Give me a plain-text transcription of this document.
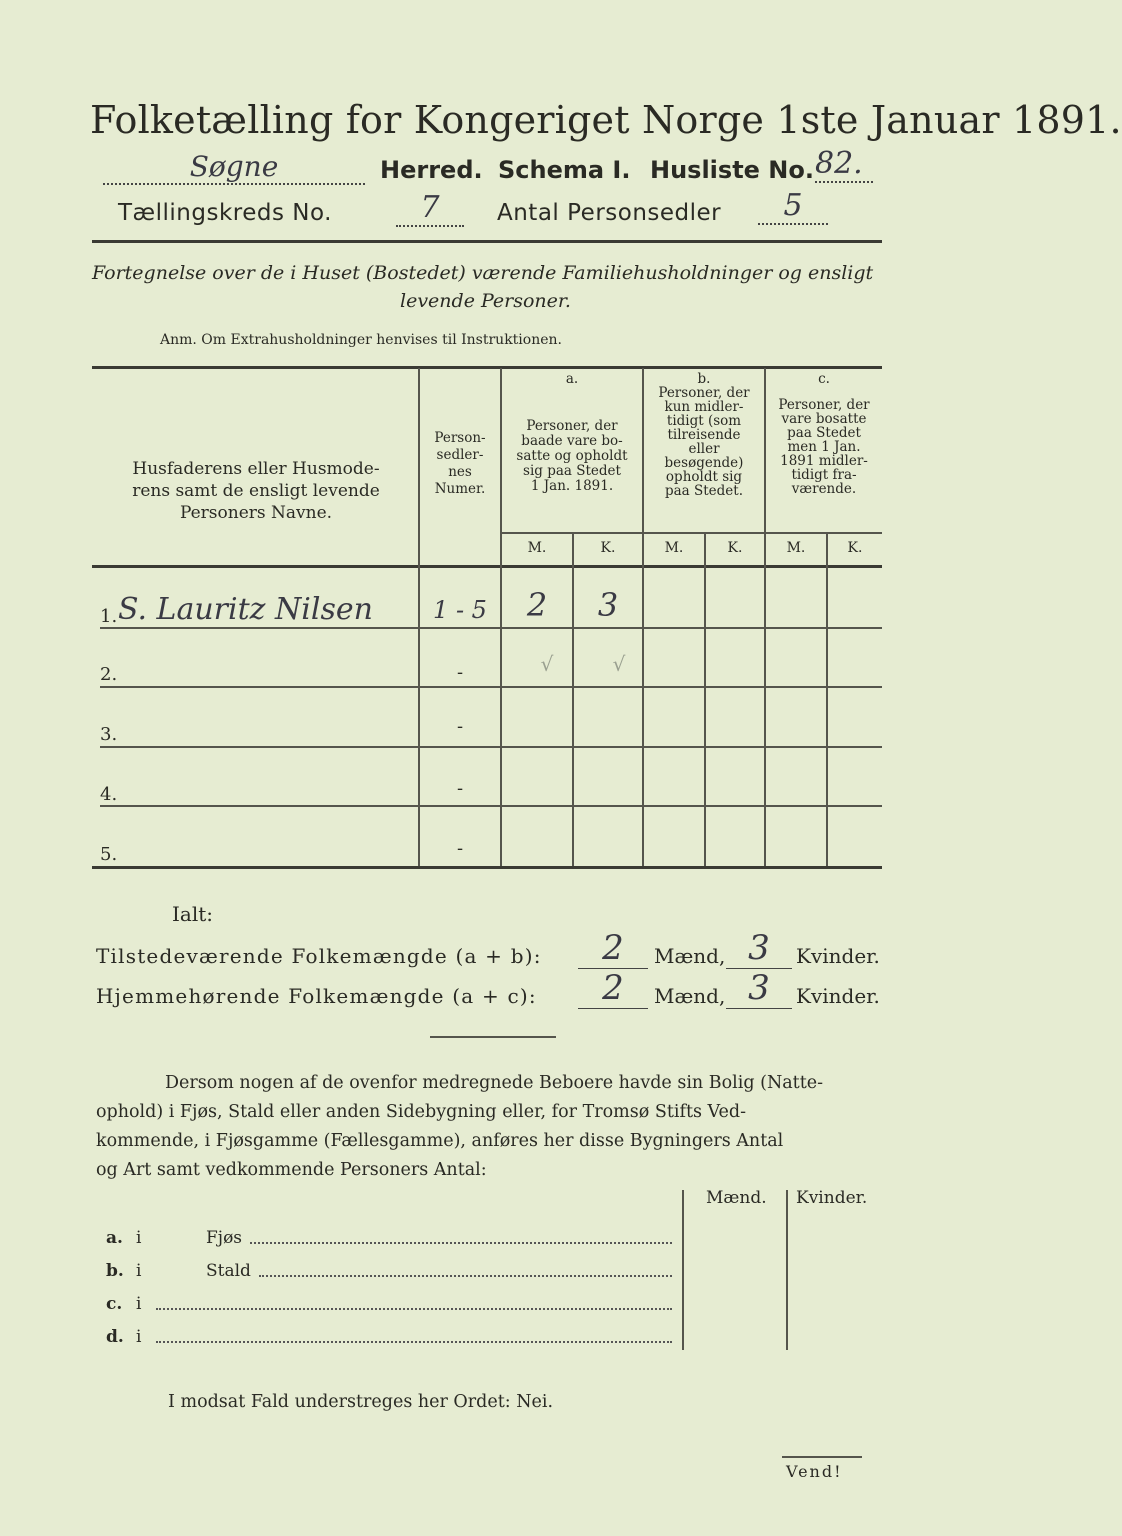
Folketælling for Kongeriget Norge 1ste Januar 1891.
Søgne	Herred. Schema I. Husliste No. 82.
Tællingskreds No.	7	Antal Personsedler	5
Fortegnelse over de i Huset (Bostedet) værende Familiehusholdninger og ensligt
levende Personer.
Anm. Om Extrahusholdninger henvises til Instruktionen.
Husfaderens eller Husmode-
rens samt de ensligt levende
Personers Navne.
Person-
sedler-
nes
Numer.
a.
Personer, der
baade vare bo-
satte og opholdt
sig paa Stedet
1 Jan. 1891.
b.
Personer, der
kun midler-
tidigt (som
tilreisende
eller
besøgende)
opholdt sig
paa Stedet.
c.
Personer, der
vare bosatte
paa Stedet
men 1 Jan.
1891 midler-
tidigt fra-
værende.
M.	K.	M.	K.	M.	K.
1. S. Lauritz Nilsen	1 - 5	2	3
2.	-	√	√
3.	-
4.	-
5.	-
Ialt:
Tilstedeværende Folkemængde (a + b):	2	Mænd, 3	Kvinder.
Hjemmehørende Folkemængde (a + c):	2	Mænd, 3	Kvinder.
Dersom nogen af de ovenfor medregnede Beboere havde sin Bolig (Natte-
ophold) i Fjøs, Stald eller anden Sidebygning eller, for Tromsø Stifts Ved-
kommende, i Fjøsgamme (Fællesgamme), anføres her disse Bygningers Antal
og Art samt vedkommende Personers Antal:
Mænd. Kvinder.
a. i	Fjøs
b. i	Stald
c. i
d. i
I modsat Fald understreges her Ordet: Nei.
Vend!
